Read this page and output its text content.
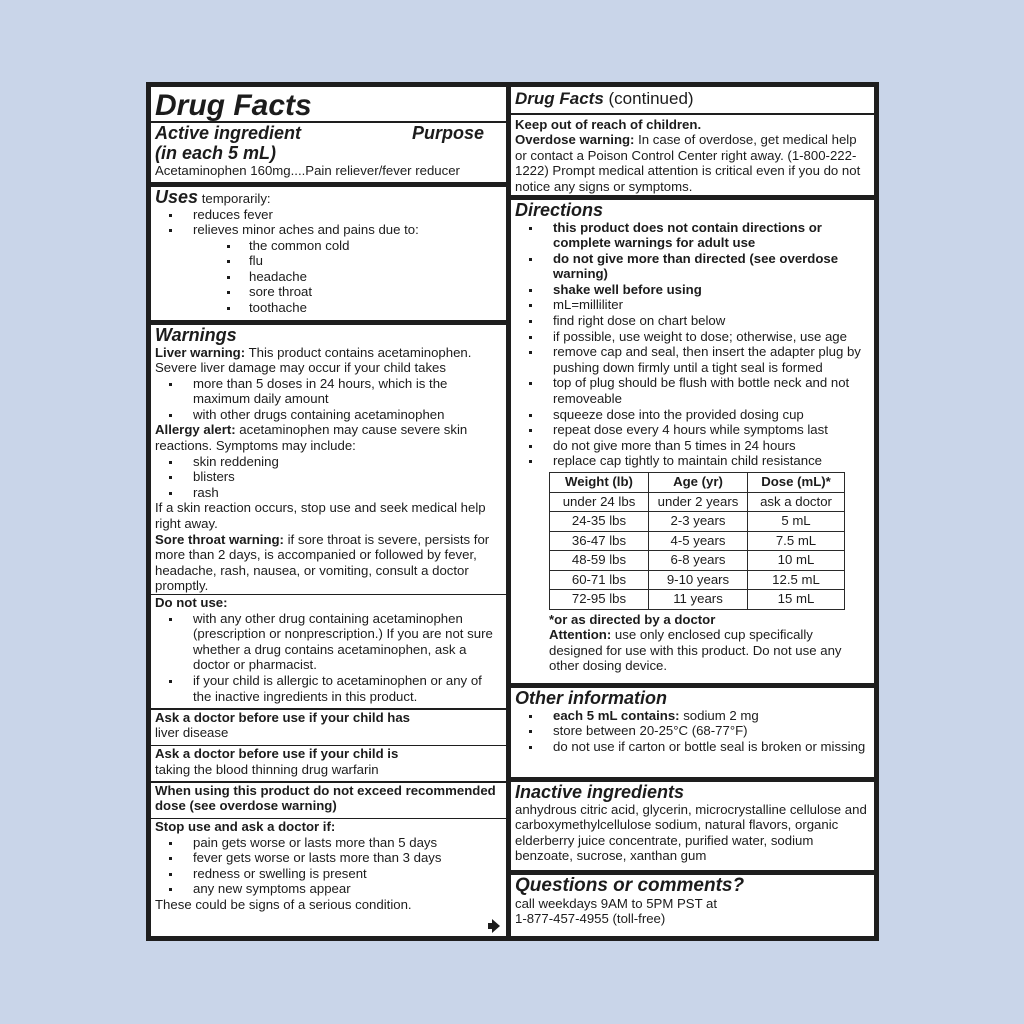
Drug Facts
Active ingredient	Purpose
(in each 5 mL)
Acetaminophen 160mg....Pain reliever/fever reducer
Uses temporarily:
reduces fever
relieves minor aches and pains due to:
the common cold
flu
headache
sore throat
toothache
Warnings
Liver warning: This product contains acetaminophen. Severe liver damage may occur if your child takes
more than 5 doses in 24 hours, which is the maximum daily amount
with other drugs containing acetaminophen
Allergy alert: acetaminophen may cause severe skin reactions. Symptoms may include:
skin reddening
blisters
rash
If a skin reaction occurs, stop use and seek medical help right away.
Sore throat warning: if sore throat is severe, persists for more than 2 days, is accompanied or followed by fever, headache, rash, nausea, or vomiting, consult a doctor promptly.
Do not use:
with any other drug containing acetaminophen (prescription or nonprescription.) If you are not sure whether a drug contains acetaminophen, ask a doctor or pharmacist.
if your child is allergic to acetaminophen or any of the inactive ingredients in this product.
Ask a doctor before use if your child has
liver disease
Ask a doctor before use if your child is
taking the blood thinning drug warfarin
When using this product do not exceed recommended dose (see overdose warning)
Stop use and ask a doctor if:
pain gets worse or lasts more than 5 days
fever gets worse or lasts more than 3 days
redness or swelling is present
any new symptoms appear
These could be signs of a serious condition.
Drug Facts (continued)
Keep out of reach of children.
Overdose warning: In case of overdose, get medical help or contact a Poison Control Center right away. (1-800-222-1222) Prompt medical attention is critical even if you do not notice any signs or symptoms.
Directions
this product does not contain directions or complete warnings for adult use
do not give more than directed (see overdose warning)
shake well before using
mL=milliliter
find right dose on chart below
if possible, use weight to dose; otherwise, use age
remove cap and seal, then insert the adapter plug by pushing down firmly until a tight seal is formed
top of plug should be flush with bottle neck and not removeable
squeeze dose into the provided dosing cup
repeat dose every 4 hours while symptoms last
do not give more than 5 times in 24 hours
replace cap tightly to maintain child resistance
Weight (lb)	Age (yr)	Dose (mL)*
under 24 lbs	under 2 years	ask a doctor
24-35 lbs	2-3 years	5 mL
36-47 lbs	4-5 years	7.5 mL
48-59 lbs	6-8 years	10 mL
60-71 lbs	9-10 years	12.5 mL
72-95 lbs	11 years	15 mL
*or as directed by a doctor
Attention: use only enclosed cup specifically designed for use with this product. Do not use any other dosing device.
Other information
each 5 mL contains: sodium 2 mg
store between 20-25°C (68-77°F)
do not use if carton or bottle seal is broken or missing
Inactive ingredients
anhydrous citric acid, glycerin, microcrystalline cellulose and carboxymethylcellulose sodium, natural flavors, organic elderberry juice concentrate, purified water, sodium benzoate, sucrose, xanthan gum
Questions or comments?
call weekdays 9AM to 5PM PST at
1-877-457-4955 (toll-free)
